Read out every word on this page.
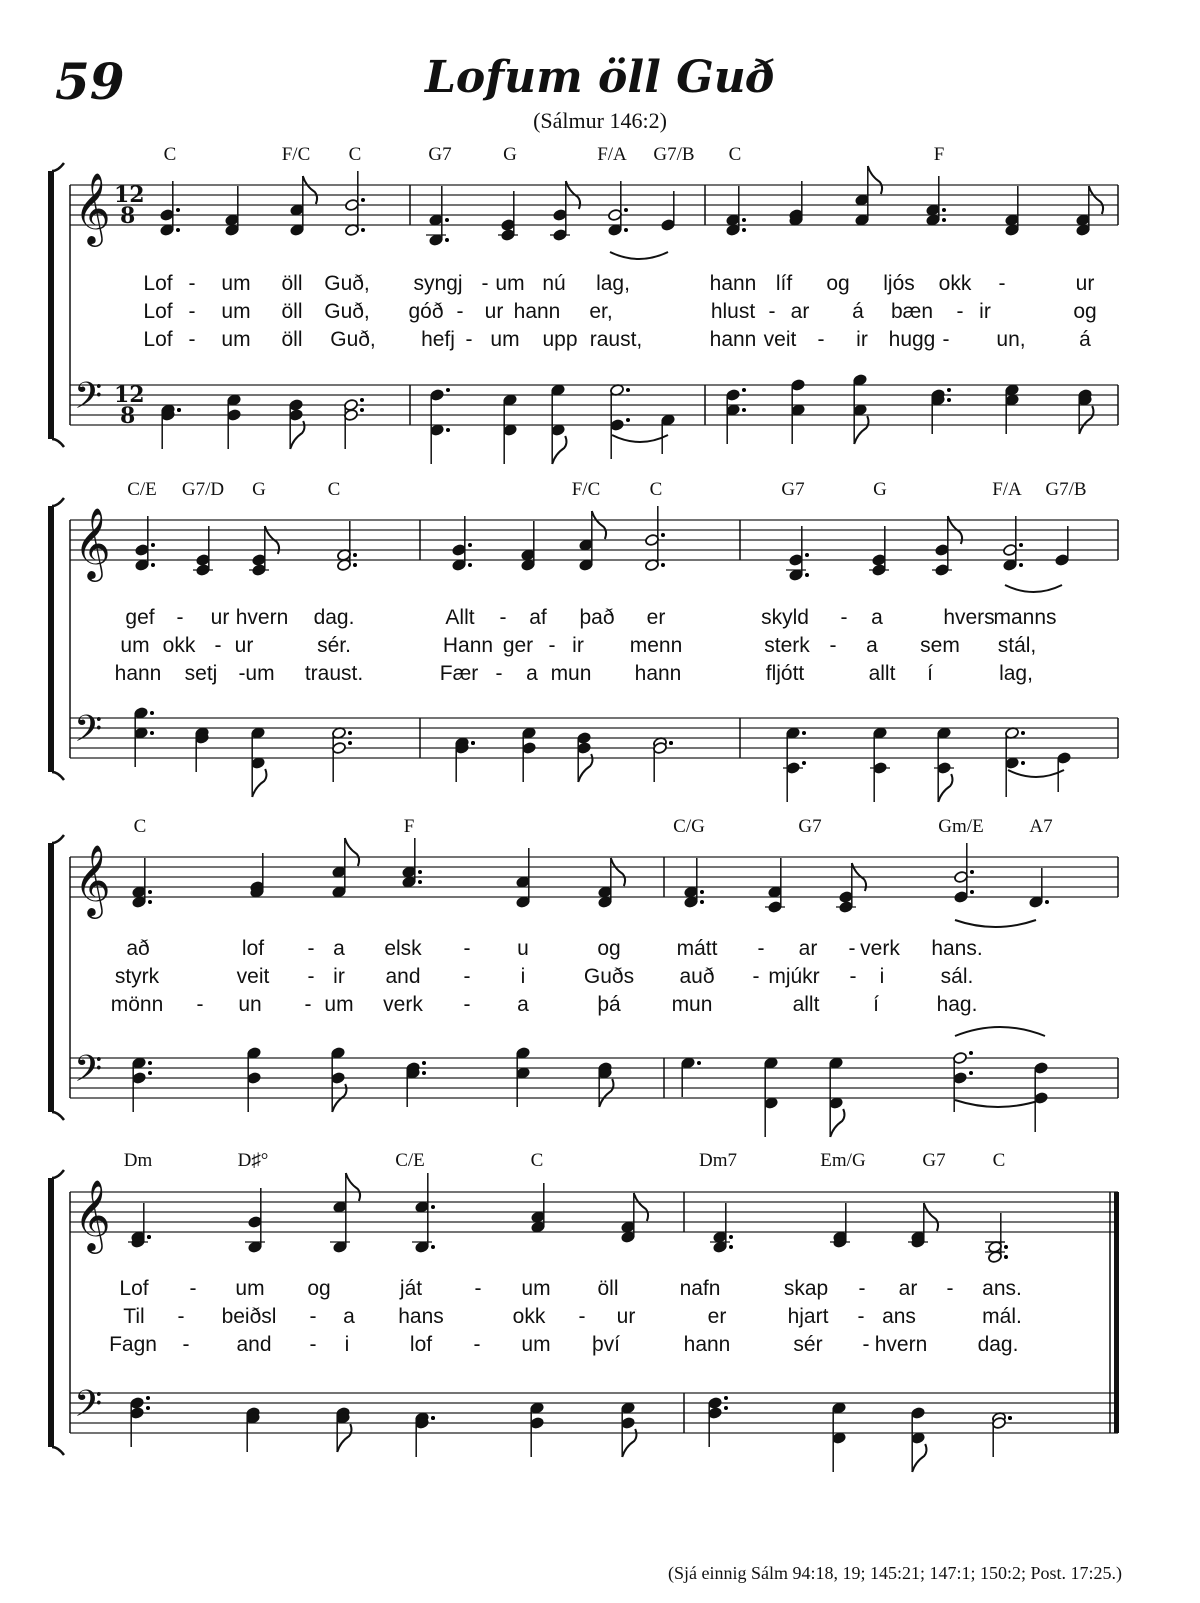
59	Lofum öll Guð
(Sálmur 146:2)
𝄞
𝄢
12
8
12
8
C	F/C C	G7	G	F/A G7/B C	F
Lof - um öll Guð, syngj - um nú lag,	hann líf og ljós okk -	ur
Lof - um öll Guð, góð - ur hann er,	hlust - ar á bæn - ir	og
Lof - um öll Guð, hefj - um upp raust,	hann veit - ir hugg - un,	á
𝄞
𝄢
C/E G7/D G	C	F/C	C	G7	G	F/A G7/B
gef - ur hvern dag.	Allt - af það er	skyld - a	hvers
manns
um okk - ur	sér.	Hann ger - ir menn	sterk - a sem stál,
hann setj - um traust.	Fær - a mun hann	fljótt	allt í	lag,
𝄞
𝄢
C	F	C/G	G7	Gm/E A7
að	lof - a elsk - u	og	mátt - ar - verk hans.
styrk	veit - ir and - i	Guðs auð - mjúkr - i	sál.
mönn - un - um verk - a	þá mun	allt	í	hag.
𝄞
𝄢
Dm	D♯°	C/E	C	Dm7	Em/G	G7 C
Lof - um og	ját - um öll	nafn	skap - ar - ans.
Til - beiðsl - a hans	okk - ur	er	hjart - ans	mál.
Fagn - and - i	lof - um því	hann	sér - hvern dag.
(Sjá einnig Sálm 94:18, 19; 145:21; 147:1; 150:2; Post. 17:25.)
